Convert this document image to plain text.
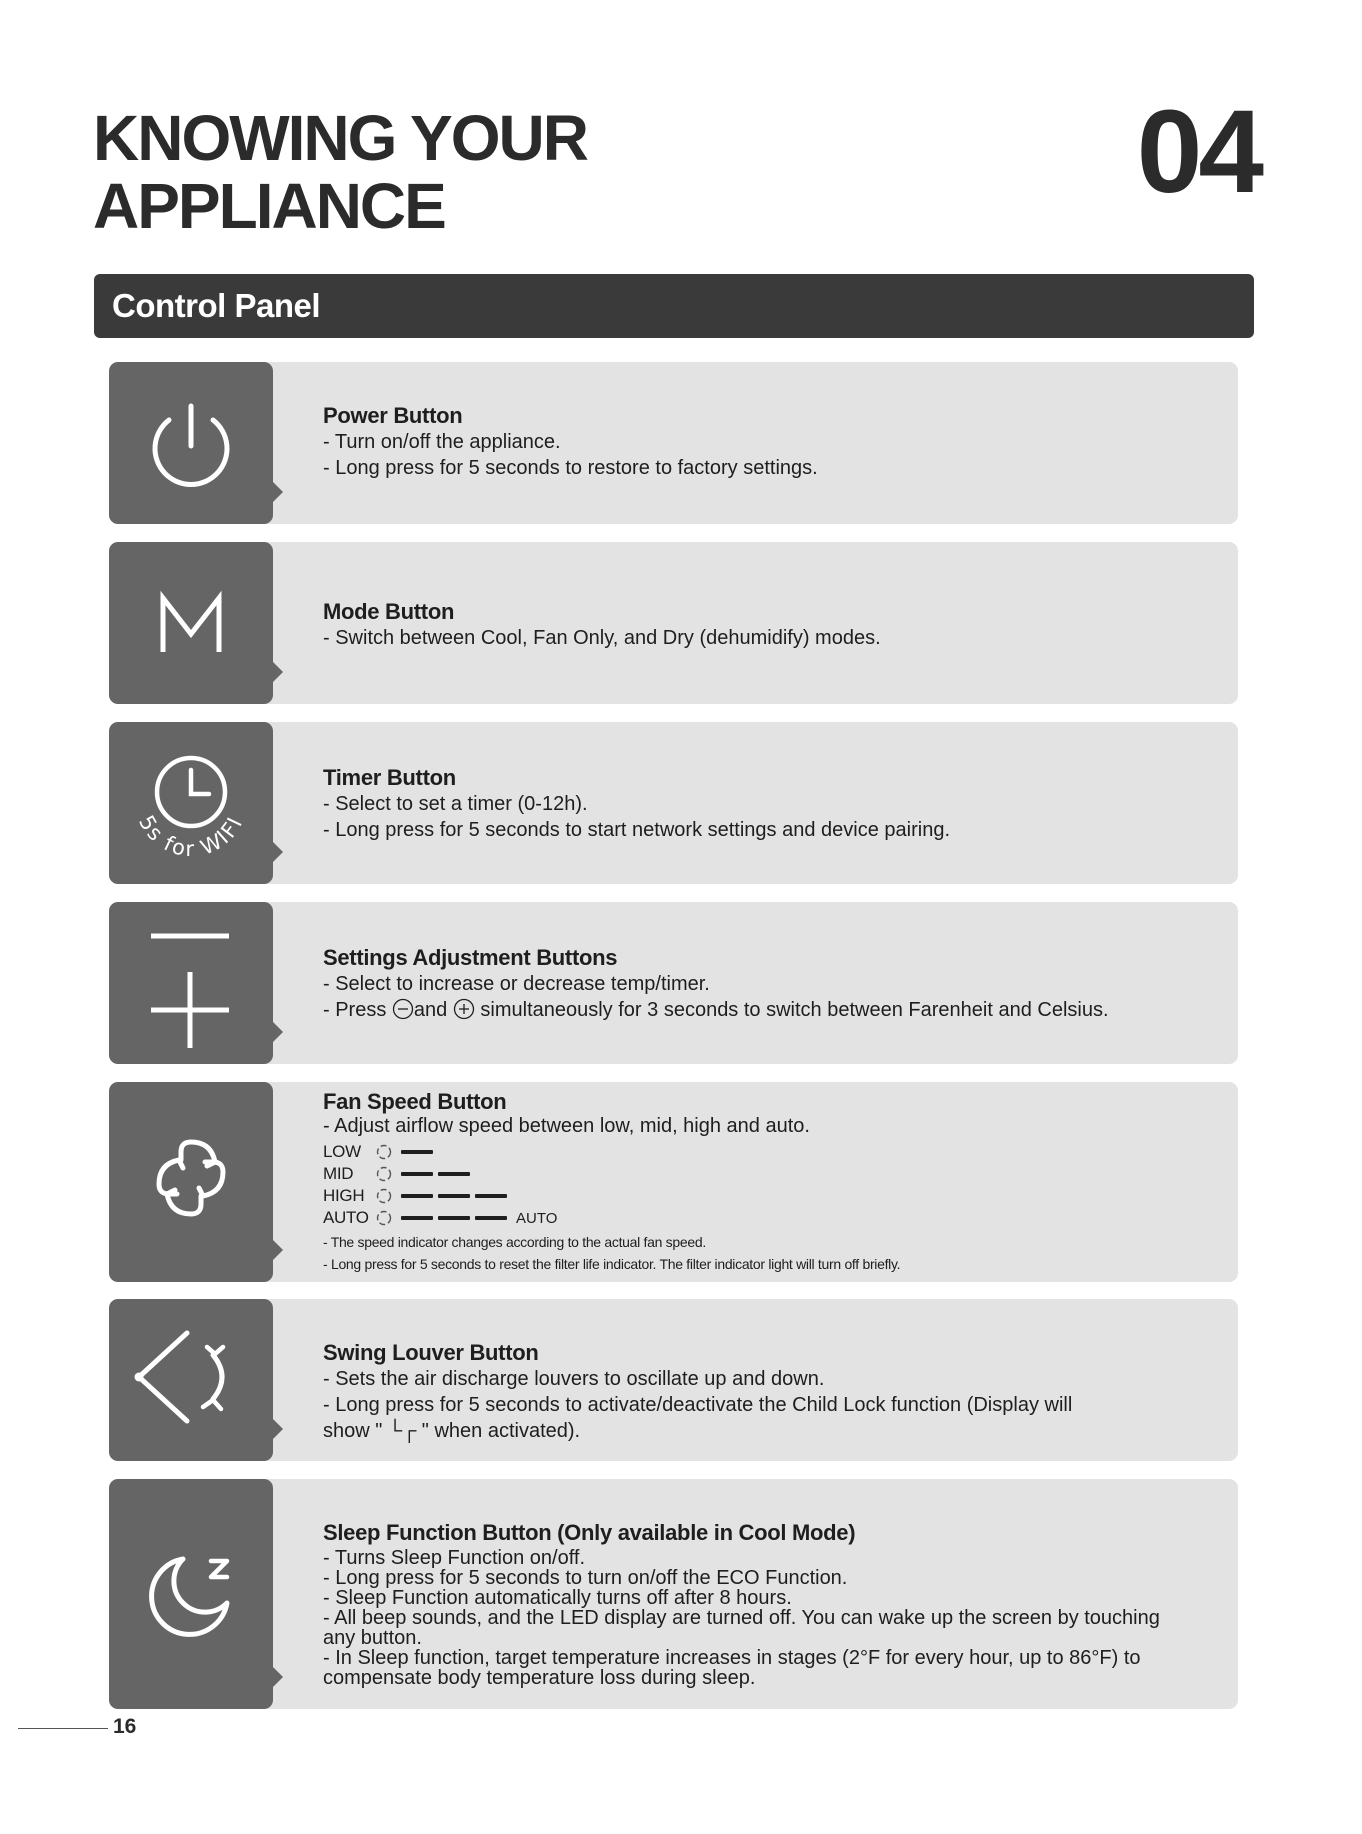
KNOWING YOUR
APPLIANCE	04
Control Panel
Power Button
- Turn on/off the appliance.
- Long press for 5 seconds to restore to factory settings.
Mode Button
- Switch between Cool, Fan Only, and Dry (dehumidify) modes.
5s for WIFI
Timer Button
- Select to set a timer (0-12h).
- Long press for 5 seconds to start network settings and device pairing.
Settings Adjustment Buttons
- Select to increase or decrease temp/timer.
- Press and  simultaneously for 3 seconds to switch between Farenheit and Celsius.
Fan Speed Button
- Adjust airflow speed between low, mid, high and auto.
LOW
MID
HIGH
AUTO	AUTO
- The speed indicator changes according to the actual fan speed.
- Long press for 5 seconds to reset the filter life indicator. The filter indicator light will turn off briefly.
Swing Louver Button
- Sets the air discharge louvers to oscillate up and down.
- Long press for 5 seconds to activate/deactivate the Child Lock function (Display will
show " └┌ " when activated).
Sleep Function Button (Only available in Cool Mode)
- Turns Sleep Function on/off.
- Long press for 5 seconds to turn on/off the ECO Function.
- Sleep Function automatically turns off after 8 hours.
- All beep sounds, and the LED display are turned off. You can wake up the screen by touching
any button.
- In Sleep function, target temperature increases in stages (2°F for every hour, up to 86°F) to
compensate body temperature loss during sleep.
16
